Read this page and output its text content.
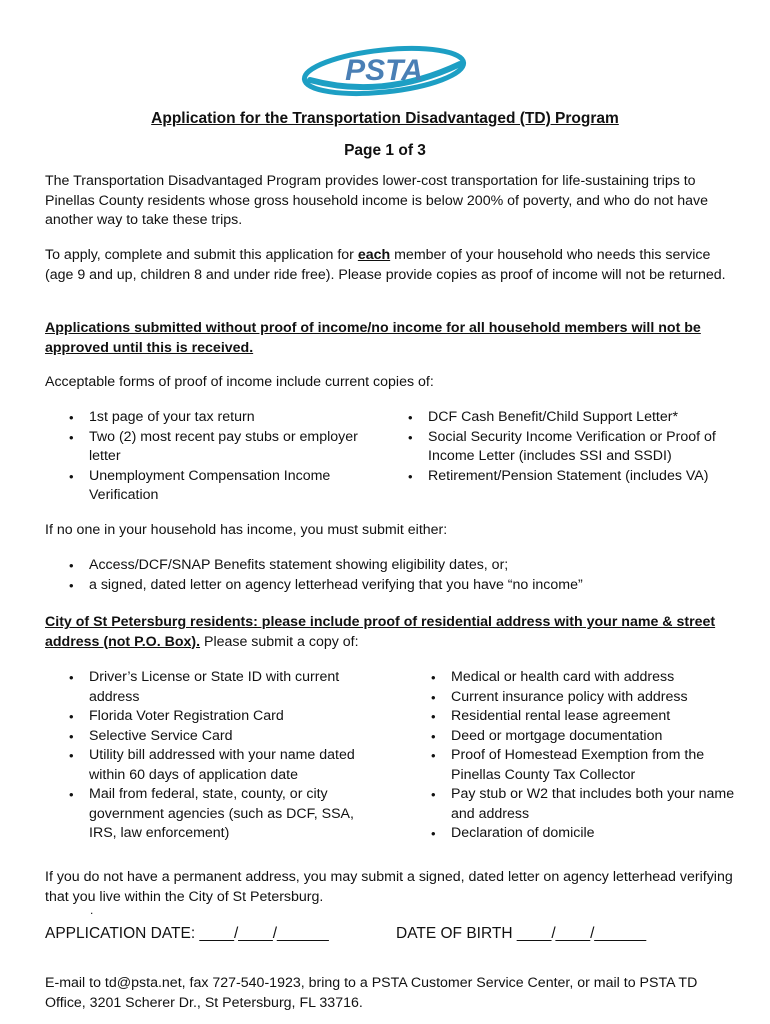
PSTA
Application for the Transportation Disadvantaged (TD) Program
Page 1 of 3

The Transportation Disadvantaged Program provides lower-cost transportation for life-sustaining trips to Pinellas County residents whose gross household income is below 200% of poverty, and who do not have another way to take these trips.

To apply, complete and submit this application for each member of your household who needs this service (age 9 and up, children 8 and under ride free). Please provide copies as proof of income will not be returned.

Applications submitted without proof of income/no income for all household members will not be approved until this is received.

Acceptable forms of proof of income include current copies of:

• 1st page of your tax return
• Two (2) most recent pay stubs or employer letter
• Unemployment Compensation Income Verification
• DCF Cash Benefit/Child Support Letter*
• Social Security Income Verification or Proof of Income Letter (includes SSI and SSDI)
• Retirement/Pension Statement (includes VA)

If no one in your household has income, you must submit either:

• Access/DCF/SNAP Benefits statement showing eligibility dates, or;
• a signed, dated letter on agency letterhead verifying that you have “no income”

City of St Petersburg residents: please include proof of residential address with your name & street address (not P.O. Box). Please submit a copy of:

• Driver’s License or State ID with current address
• Florida Voter Registration Card
• Selective Service Card
• Utility bill addressed with your name dated within 60 days of application date
• Mail from federal, state, county, or city government agencies (such as DCF, SSA, IRS, law enforcement)
• Medical or health card with address
• Current insurance policy with address
• Residential rental lease agreement
• Deed or mortgage documentation
• Proof of Homestead Exemption from the Pinellas County Tax Collector
• Pay stub or W2 that includes both your name and address
• Declaration of domicile

If you do not have a permanent address, you may submit a signed, dated letter on agency letterhead verifying that you live within the City of St Petersburg.

.
APPLICATION DATE: ____/____/______	DATE OF BIRTH ____/____/______

E-mail to td@psta.net, fax 727-540-1923, bring to a PSTA Customer Service Center, or mail to PSTA TD Office, 3201 Scherer Dr., St Petersburg, FL 33716.
